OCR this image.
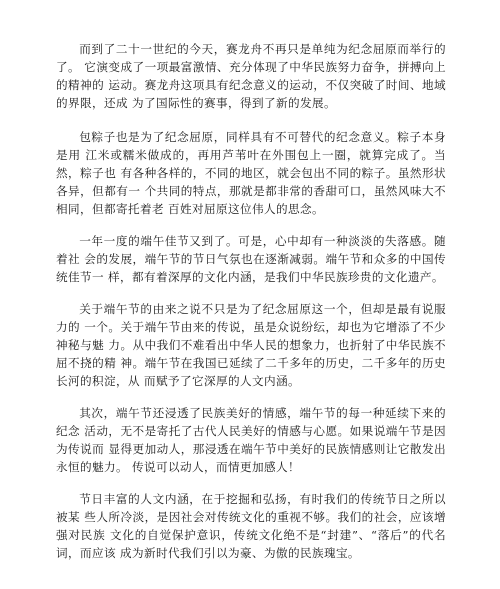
而到了二十一世纪的今天，赛龙舟不再只是单纯为纪念屈原而举行的了。 它演变成了一项最富激情、充分体现了中华民族努力奋争，拼搏向上的精神的 运动。赛龙舟这项具有纪念意义的运动，不仅突破了时间、地域的界限，还成 为了国际性的赛事，得到了新的发展。

包粽子也是为了纪念屈原，同样具有不可替代的纪念意义。粽子本身是用 江米或糯米做成的，再用芦苇叶在外围包上一圈，就算完成了。当然，粽子也 有各种各样的，不同的地区，就会包出不同的粽子。虽然形状各异，但都有一 个共同的特点，那就是都非常的香甜可口，虽然风味大不相同，但都寄托着老 百姓对屈原这位伟人的思念。

一年一度的端午佳节又到了。可是，心中却有一种淡淡的失落感。随着社 会的发展，端午节的节日气氛也在逐渐减弱。端午节和众多的中国传统佳节一 样，都有着深厚的文化内涵，是我们中华民族珍贵的文化遗产。

关于端午节的由来之说不只是为了纪念屈原这一个，但却是最有说服力的 一个。关于端午节由来的传说，虽是众说纷纭，却也为它增添了不少神秘与魅 力。从中我们不难看出中华人民的想象力，也折射了中华民族不屈不挠的精 神。端午节在我国已延续了二千多年的历史，二千多年的历史长河的积淀，从 而赋予了它深厚的人文内涵。

其次，端午节还浸透了民族美好的情感，端午节的每一种延续下来的纪念 活动，无不是寄托了古代人民美好的情感与心愿。如果说端午节是因为传说而 显得更加动人，那浸透在端午节中美好的民族情感则让它散发出永恒的魅力。 传说可以动人，而情更加感人！

节日丰富的人文内涵，在于挖掘和弘扬，有时我们的传统节日之所以被某 些人所冷淡，是因社会对传统文化的重视不够。我们的社会，应该增强对民族 文化的自觉保护意识，传统文化绝不是“封建”、“落后”的代名词，而应该 成为新时代我们引以为豪、为傲的民族瑰宝。
